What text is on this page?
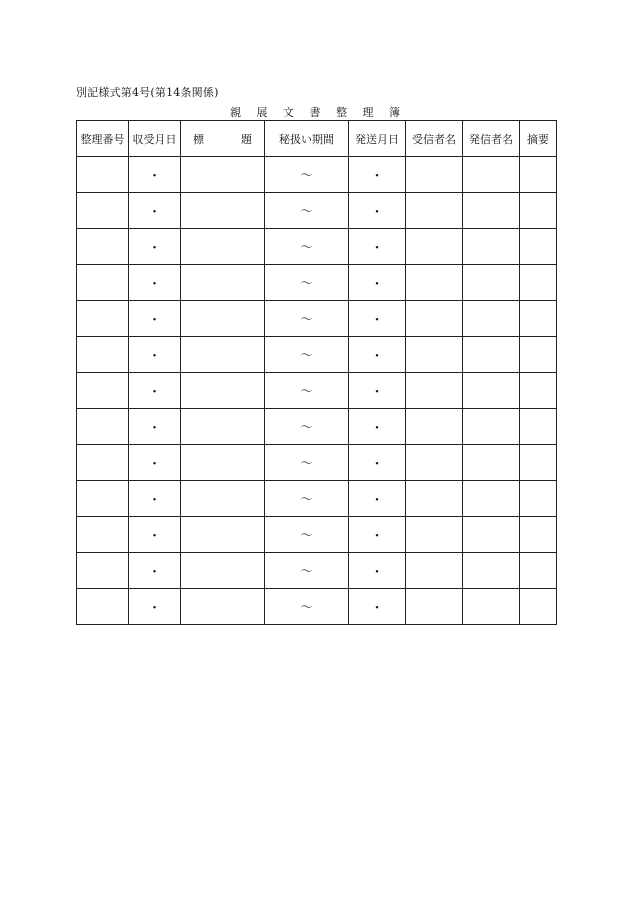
別記様式第4号(第14条関係)
親 展 文 書 整 理 簿
整理番号	収受月日	標 題	秘扱い期間	発送月日	受信者名	発信者名	摘要
	・		〜	・			
	・		〜	・			
	・		〜	・			
	・		〜	・			
	・		〜	・			
	・		〜	・			
	・		〜	・			
	・		〜	・			
	・		〜	・			
	・		〜	・			
	・		〜	・			
	・		〜	・			
	・		〜	・			
